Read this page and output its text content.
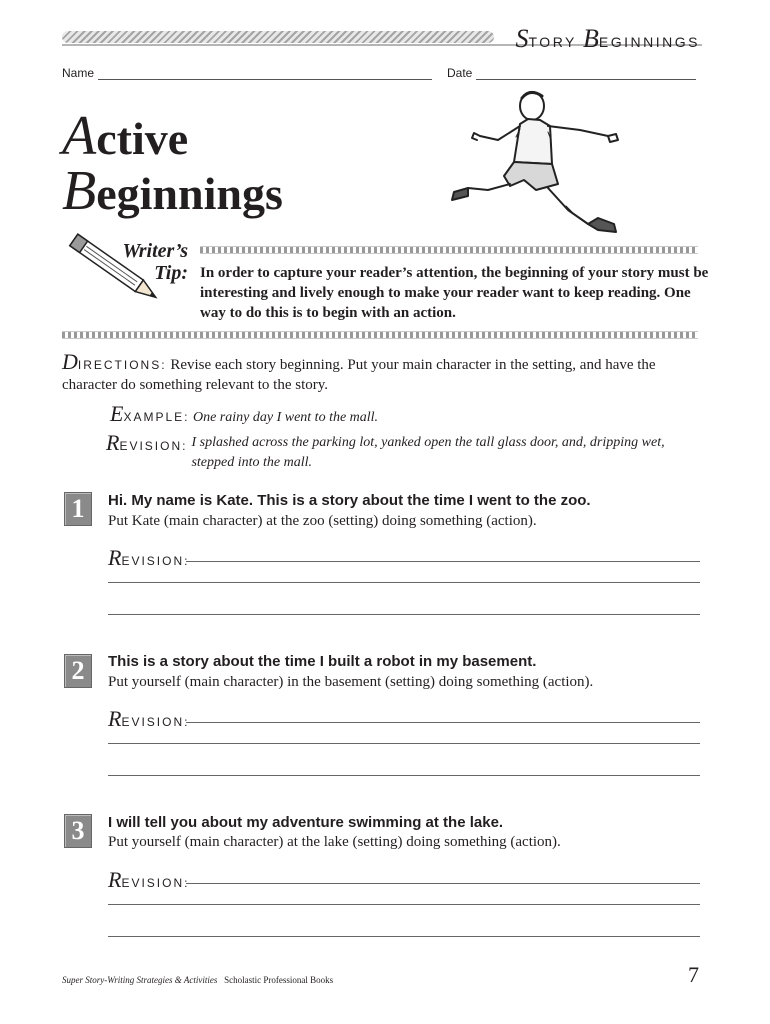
STORY BEGINNINGS
Name	Date
Active
Beginnings
Writer’s
Tip: In order to capture your reader’s attention, the beginning of your story must be interesting and lively enough to make your reader want to keep reading. One way to do this is to begin with an action.
DIRECTIONS: Revise each story beginning. Put your main character in the setting, and have the character do something relevant to the story.
EXAMPLE: One rainy day I went to the mall.
REVISION: I splashed across the parking lot, yanked open the tall glass door, and, dripping wet, stepped into the mall.
1	Hi. My name is Kate. This is a story about the time I went to the zoo.
Put Kate (main character) at the zoo (setting) doing something (action).
REVISION:
2	This is a story about the time I built a robot in my basement.
Put yourself (main character) in the basement (setting) doing something (action).
REVISION:
3	I will tell you about my adventure swimming at the lake.
Put yourself (main character) at the lake (setting) doing something (action).
REVISION:
Super Story-Writing Strategies & Activities Scholastic Professional Books	7
